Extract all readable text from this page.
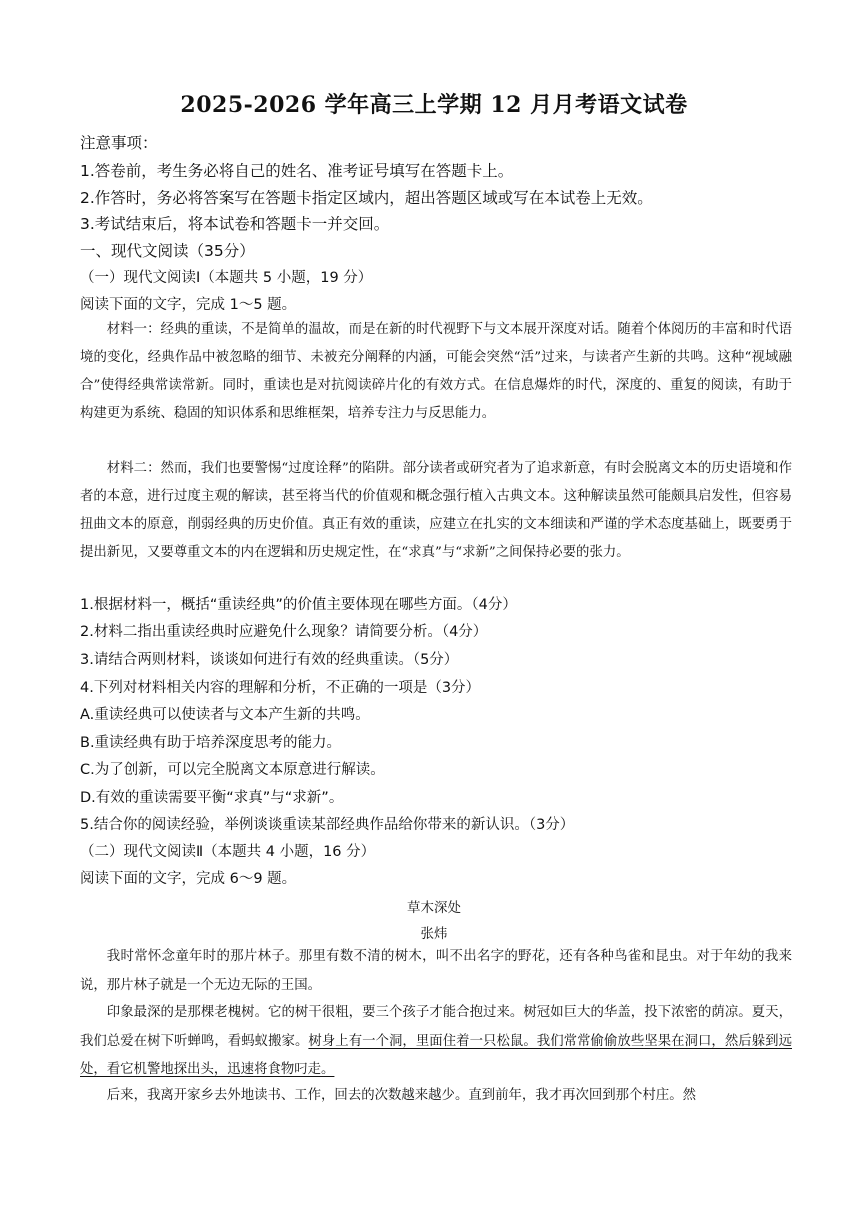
2025-2026 学年高三上学期 12 月月考语文试卷
注意事项：
1.答卷前，考生务必将自己的姓名、准考证号填写在答题卡上。
2.作答时，务必将答案写在答题卡指定区域内，超出答题区域或写在本试卷上无效。
3.考试结束后，将本试卷和答题卡一并交回。
一、现代文阅读（35分）
（一）现代文阅读Ⅰ（本题共 5 小题，19 分）
阅读下面的文字，完成 1～5 题。

材料一：经典的重读，不是简单的温故，而是在新的时代视野下与文本展开深度对话。随着个体阅历的丰富和时代语境的变化，经典作品中被忽略的细节、未被充分阐释的内涵，可能会突然“活”过来，与读者产生新的共鸣。这种“视域融合”使得经典常读常新。同时，重读也是对抗阅读碎片化的有效方式。在信息爆炸的时代，深度的、重复的阅读，有助于构建更为系统、稳固的知识体系和思维框架，培养专注力与反思能力。

材料二：然而，我们也要警惕“过度诠释”的陷阱。部分读者或研究者为了追求新意，有时会脱离文本的历史语境和作者的本意，进行过度主观的解读，甚至将当代的价值观和概念强行植入古典文本。这种解读虽然可能颇具启发性，但容易扭曲文本的原意，削弱经典的历史价值。真正有效的重读，应建立在扎实的文本细读和严谨的学术态度基础上，既要勇于提出新见，又要尊重文本的内在逻辑和历史规定性，在“求真”与“求新”之间保持必要的张力。

1.根据材料一，概括“重读经典”的价值主要体现在哪些方面。（4分）
2.材料二指出重读经典时应避免什么现象？请简要分析。（4分）
3.请结合两则材料，谈谈如何进行有效的经典重读。（5分）
4.下列对材料相关内容的理解和分析，不正确的一项是（3分）
A.重读经典可以使读者与文本产生新的共鸣。
B.重读经典有助于培养深度思考的能力。
C.为了创新，可以完全脱离文本原意进行解读。
D.有效的重读需要平衡“求真”与“求新”。
5.结合你的阅读经验，举例谈谈重读某部经典作品给你带来的新认识。（3分）
（二）现代文阅读Ⅱ（本题共 4 小题，16 分）
阅读下面的文字，完成 6～9 题。
草木深处
张炜

我时常怀念童年时的那片林子。那里有数不清的树木，叫不出名字的野花，还有各种鸟雀和昆虫。对于年幼的我来说，那片林子就是一个无边无际的王国。

印象最深的是那棵老槐树。它的树干很粗，要三个孩子才能合抱过来。树冠如巨大的华盖，投下浓密的荫凉。夏天，我们总爱在树下听蝉鸣，看蚂蚁搬家。树身上有一个洞，里面住着一只松鼠。我们常常偷偷放些坚果在洞口，然后躲到远处，看它机警地探出头，迅速将食物叼走。

后来，我离开家乡去外地读书、工作，回去的次数越来越少。直到前年，我才再次回到那个村庄。然
